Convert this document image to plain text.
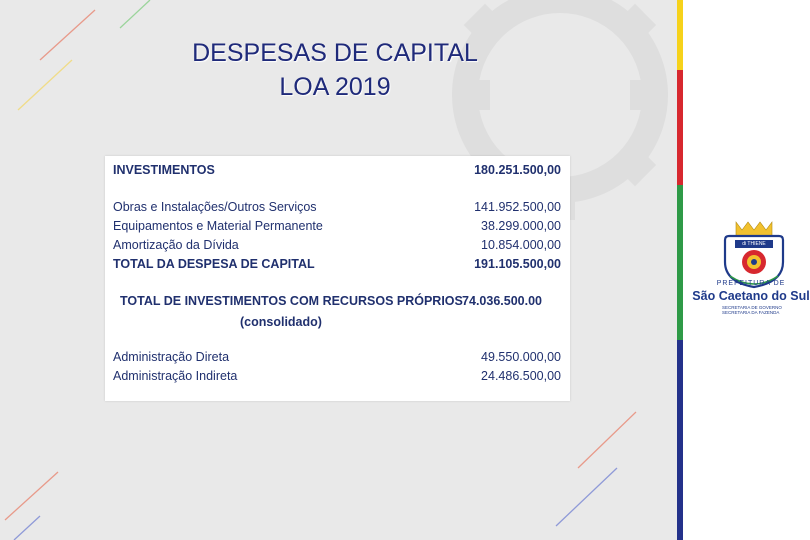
DESPESAS DE CAPITAL
LOA 2019
INVESTIMENTOS	180.251.500,00
Obras e Instalações/Outros Serviços	141.952.500,00
Equipamentos e Material Permanente	38.299.000,00
Amortização da Dívida	10.854.000,00
TOTAL DA DESPESA DE CAPITAL	191.105.500,00
TOTAL DE INVESTIMENTOS COM RECURSOS PRÓPRIOS 74.036.500.00
(consolidado)
Administração Direta	49.550.000,00
Administração Indireta	24.486.500,00
di THIENE
PREFEITURA DE
São Caetano do Sul
SECRETARIA DE GOVERNO
SECRETARIA DA FAZENDA
